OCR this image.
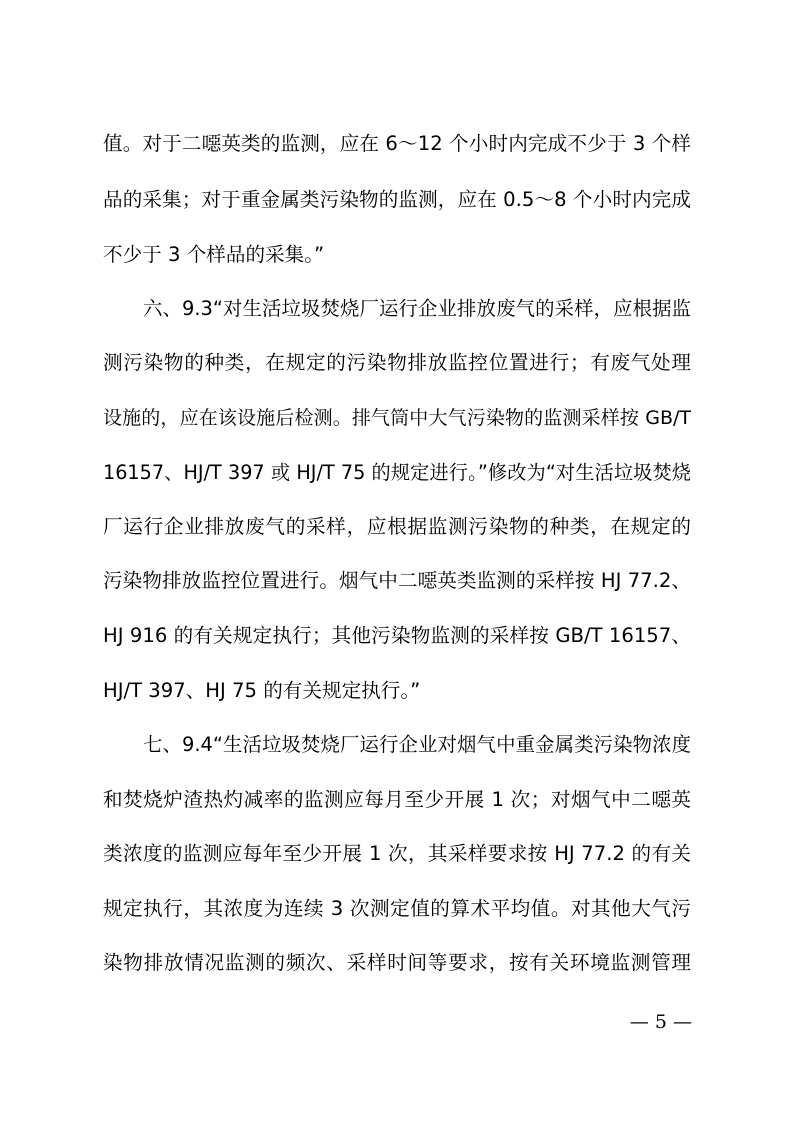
值。对于二噁英类的监测，应在 6～12 个小时内完成不少于 3 个样
品的采集；对于重金属类污染物的监测，应在 0.5～8 个小时内完成
不少于 3 个样品的采集。”
六、9.3“对生活垃圾焚烧厂运行企业排放废气的采样，应根据监
测污染物的种类，在规定的污染物排放监控位置进行；有废气处理
设施的，应在该设施后检测。排气筒中大气污染物的监测采样按 GB/T
16157、HJ/T 397 或 HJ/T 75 的规定进行。”修改为“对生活垃圾焚烧
厂运行企业排放废气的采样，应根据监测污染物的种类，在规定的
污染物排放监控位置进行。烟气中二噁英类监测的采样按 HJ 77.2、
HJ 916 的有关规定执行；其他污染物监测的采样按 GB/T 16157、
HJ/T 397、HJ 75 的有关规定执行。”
七、9.4“生活垃圾焚烧厂运行企业对烟气中重金属类污染物浓度
和焚烧炉渣热灼减率的监测应每月至少开展 1 次；对烟气中二噁英
类浓度的监测应每年至少开展 1 次，其采样要求按 HJ 77.2 的有关
规定执行，其浓度为连续 3 次测定值的算术平均值。对其他大气污
染物排放情况监测的频次、采样时间等要求，按有关环境监测管理
— 5 —
